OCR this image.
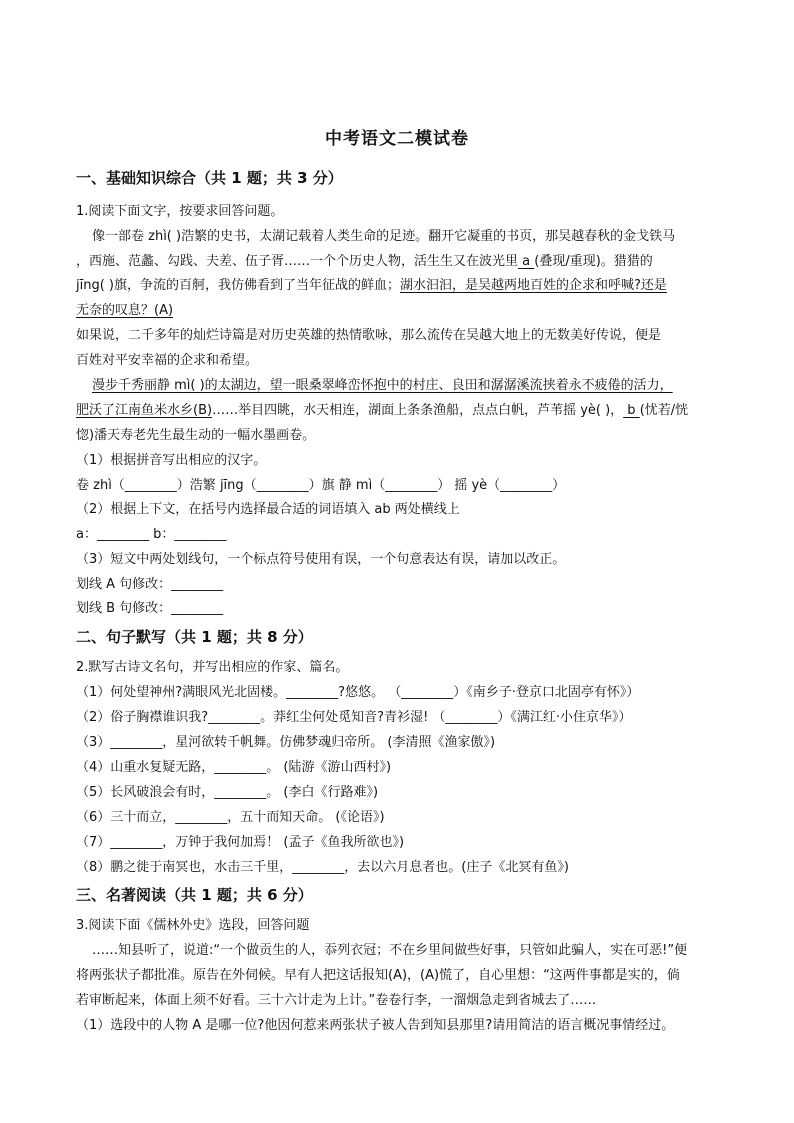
中考语文二模试卷
一、基础知识综合（共 1 题；共 3 分）
1.阅读下面文字，按要求回答问题。
像一部卷 zhì( )浩繁的史书，太湖记载着人类生命的足迹。翻开它凝重的书页，那吴越春秋的金戈铁马
，西施、范蠡、勾践、夫差、伍子胥……一个个历史人物，活生生又在波光里 a (叠现/重现)。猎猎的
jīng( )旗，争流的百舸，我仿佛看到了当年征战的鲜血；湖水汩汩，是吴越两地百姓的企求和呼喊?还是
无奈的叹息？(A)
如果说，二千多年的灿烂诗篇是对历史英雄的热情歌咏，那么流传在吴越大地上的无数美好传说，便是
百姓对平安幸福的企求和希望。
漫步千秀丽静 mì( )的太湖边，望一眼桑翠峰峦怀抱中的村庄、良田和潺潺溪流挟着永不疲倦的活力，
肥沃了江南鱼米水乡(B)……举目四眺，水天相连，湖面上条条渔船，点点白帆，芦苇摇 yè( )， b (忧若/恍
惚)潘天寿老先生最生动的一幅水墨画卷。
（1）根据拼音写出相应的汉字。
卷 zhì（________）浩繁 jīng（________）旗 静 mì（________） 摇 yè（________）
（2）根据上下文，在括号内选择最合适的词语填入 ab 两处横线上
a：________ b：________
（3）短文中两处划线句，一个标点符号使用有误，一个句意表达有误，请加以改正。
划线 A 句修改：________
划线 B 句修改：________
二、句子默写（共 1 题；共 8 分）
2.默写古诗文名句，并写出相应的作家、篇名。
（1）何处望神州?满眼风光北固楼。________?悠悠。 （________）《南乡子·登京口北固亭有怀》）
（2）俗子胸襟谁识我?________。莽红尘何处觅知音?青衫湿! （________）《满江红·小住京华》）
（3）________，星河欲转千帆舞。仿佛梦魂归帝所。 (李清照《渔家傲》)
（4）山重水复疑无路，________。 (陆游《游山西村》)
（5）长风破浪会有时，________。 (李白《行路难》)
（6）三十而立，________，五十而知天命。 (《论语》)
（7）________，万钟于我何加焉！ (孟子《鱼我所欲也》)
（8）鹏之徙于南冥也，水击三千里，________，去以六月息者也。(庄子《北冥有鱼》)
三、名著阅读（共 1 题；共 6 分）
3.阅读下面《儒林外史》选段，回答问题
……知县听了，说道:“一个做贡生的人，忝列衣冠；不在乡里间做些好事，只管如此骗人，实在可恶!”便
将两张状子都批准。原告在外伺候。早有人把这话报知(A)，(A)慌了，自心里想：“这两件事都是实的，倘
若审断起来，体面上须不好看。三十六计走为上计。”卷卷行李，一溜烟急走到省城去了……
（1）选段中的人物 A 是哪一位?他因何惹来两张状子被人告到知县那里?请用简洁的语言概况事情经过。
